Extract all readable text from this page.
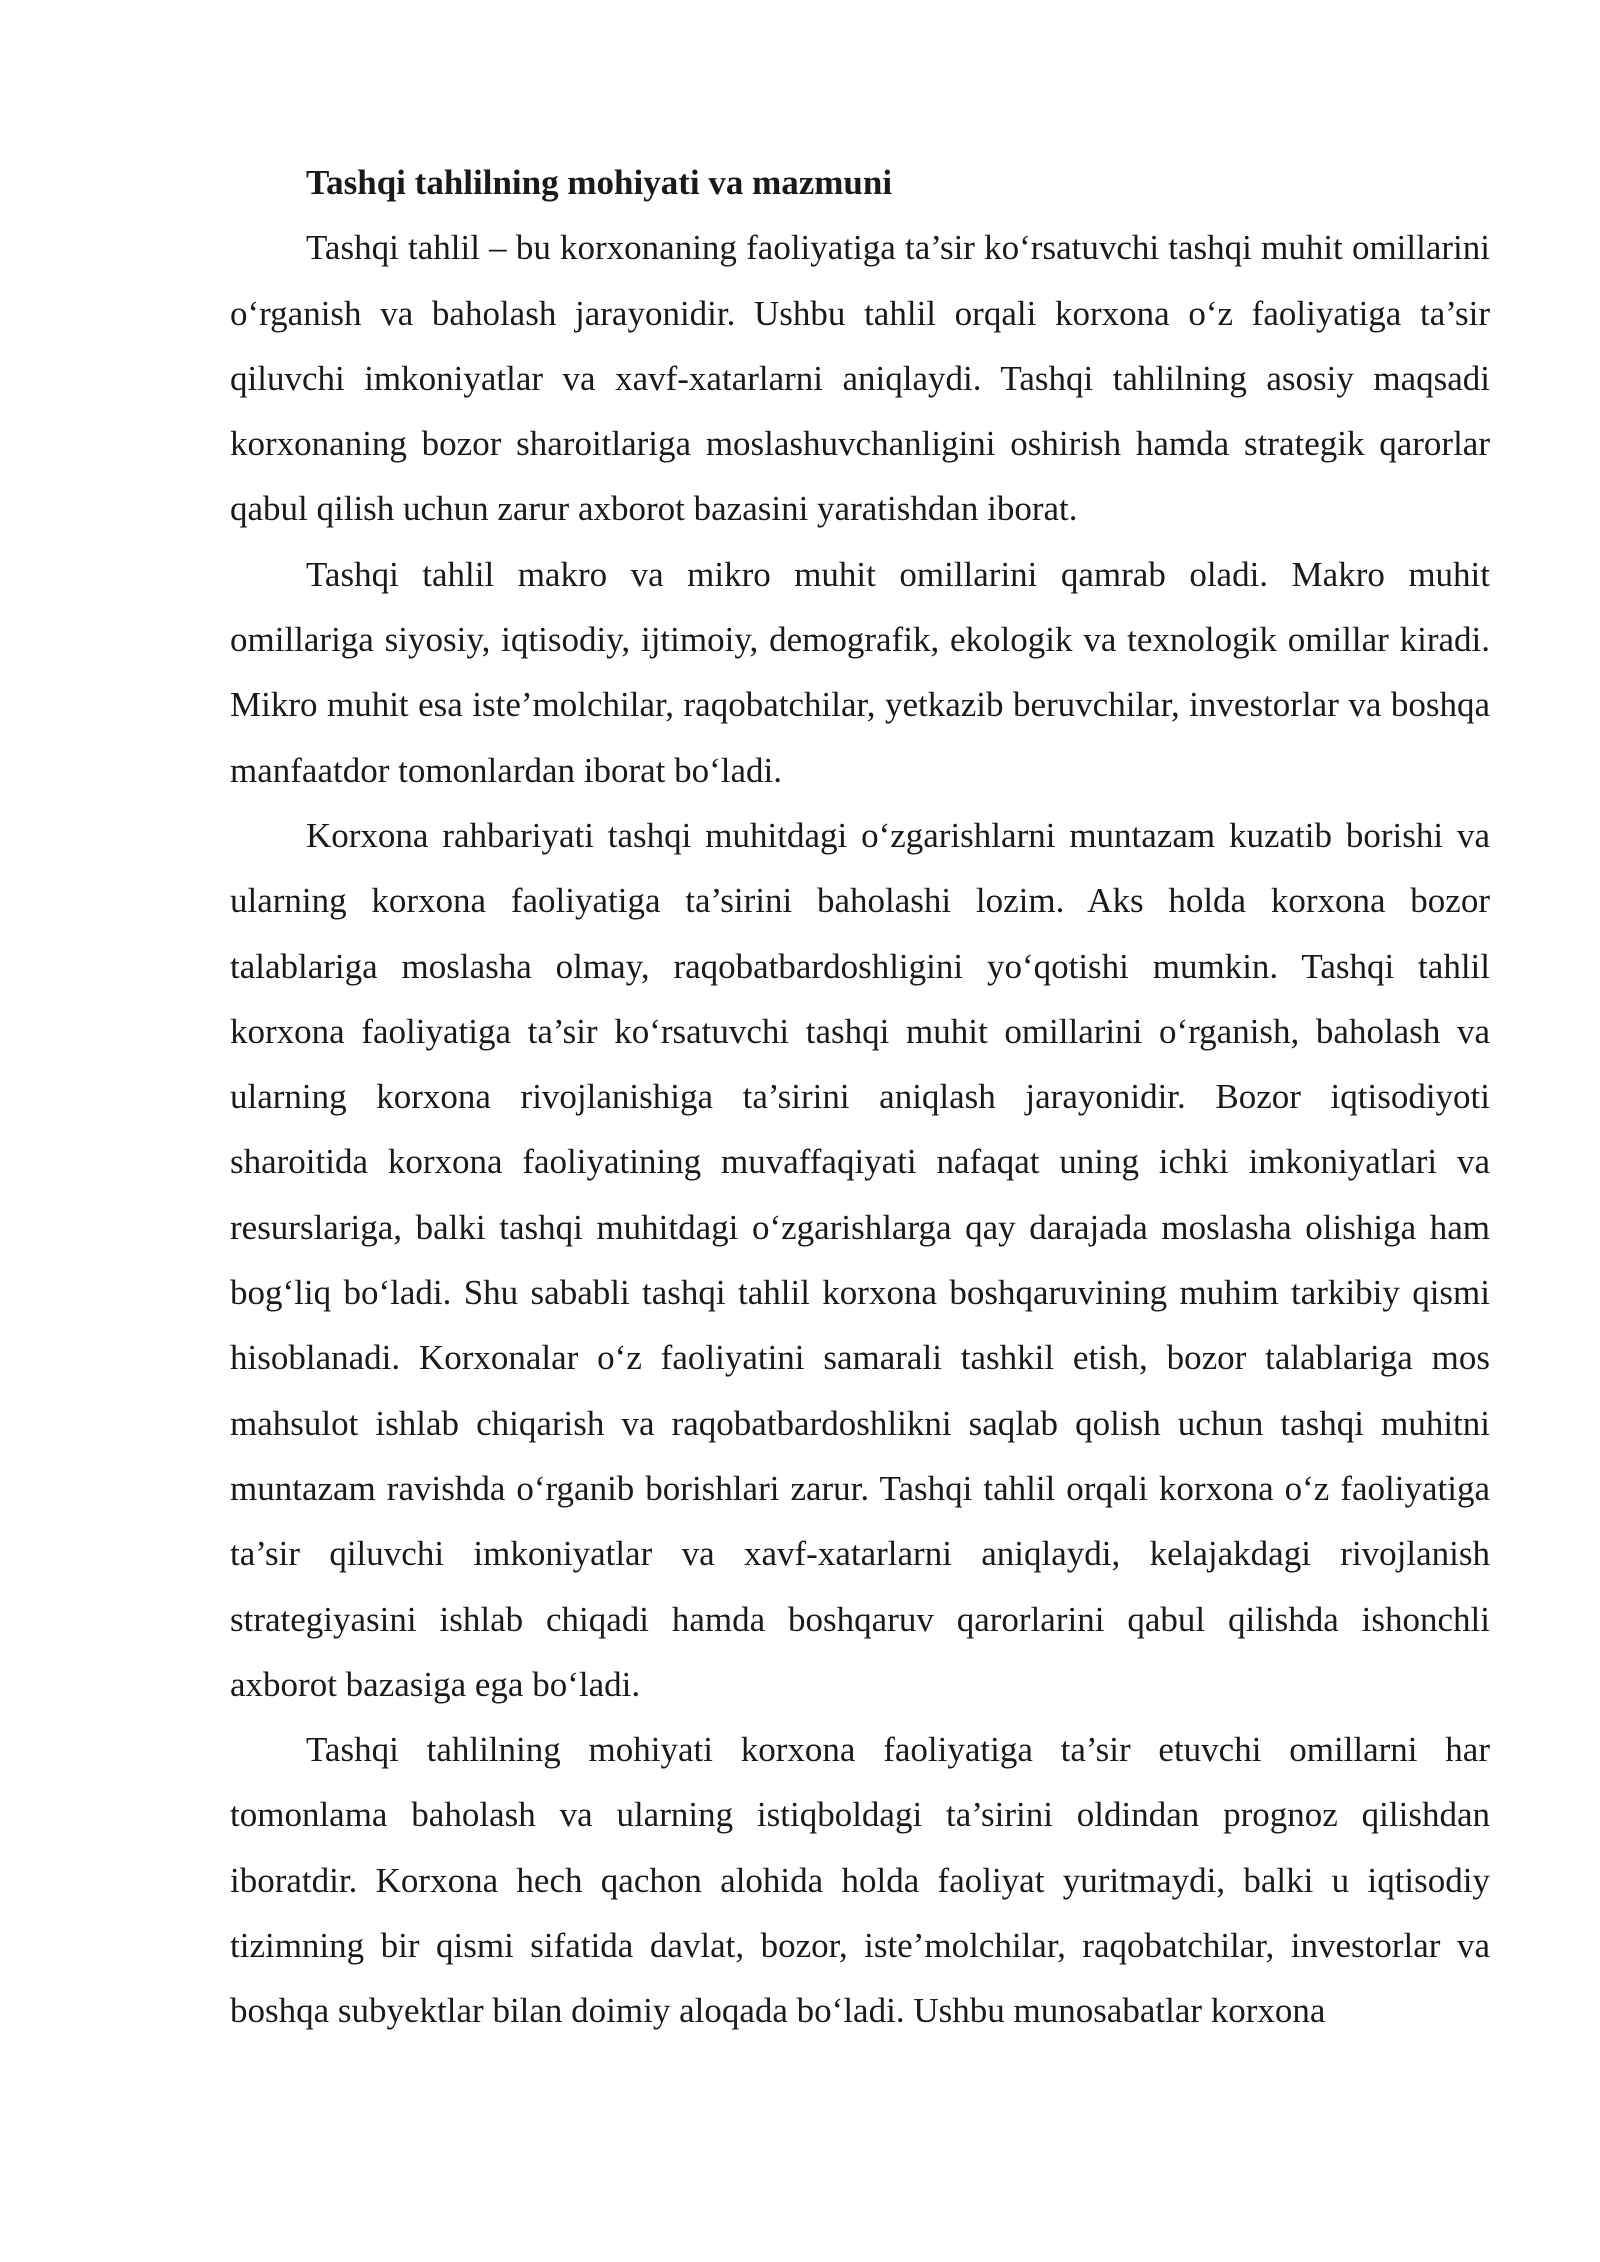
Tashqi tahlilning mohiyati va mazmuni

Tashqi tahlil – bu korxonaning faoliyatiga ta’sir ko‘rsatuvchi tashqi muhit omillarini o‘rganish va baholash jarayonidir. Ushbu tahlil orqali korxona o‘z faoliyatiga ta’sir qiluvchi imkoniyatlar va xavf-xatarlarni aniqlaydi. Tashqi tahlilning asosiy maqsadi korxonaning bozor sharoitlariga moslashuvchanligini oshirish hamda strategik qarorlar qabul qilish uchun zarur axborot bazasini yaratishdan iborat.

Tashqi tahlil makro va mikro muhit omillarini qamrab oladi. Makro muhit omillariga siyosiy, iqtisodiy, ijtimoiy, demografik, ekologik va texnologik omillar kiradi. Mikro muhit esa iste’molchilar, raqobatchilar, yetkazib beruvchilar, investorlar va boshqa manfaatdor tomonlardan iborat bo‘ladi.

Korxona rahbariyati tashqi muhitdagi o‘zgarishlarni muntazam kuzatib borishi va ularning korxona faoliyatiga ta’sirini baholashi lozim. Aks holda korxona bozor talablariga moslasha olmay, raqobatbardoshligini yo‘qotishi mumkin. Tashqi tahlil korxona faoliyatiga ta’sir ko‘rsatuvchi tashqi muhit omillarini o‘rganish, baholash va ularning korxona rivojlanishiga ta’sirini aniqlash jarayonidir. Bozor iqtisodiyoti sharoitida korxona faoliyatining muvaffaqiyati nafaqat uning ichki imkoniyatlari va resurslariga, balki tashqi muhitdagi o‘zgarishlarga qay darajada moslasha olishiga ham bog‘liq bo‘ladi. Shu sababli tashqi tahlil korxona boshqaruvining muhim tarkibiy qismi hisoblanadi. Korxonalar o‘z faoliyatini samarali tashkil etish, bozor talablariga mos mahsulot ishlab chiqarish va raqobatbardoshlikni saqlab qolish uchun tashqi muhitni muntazam ravishda o‘rganib borishlari zarur. Tashqi tahlil orqali korxona o‘z faoliyatiga ta’sir qiluvchi imkoniyatlar va xavf-xatarlarni aniqlaydi, kelajakdagi rivojlanish strategiyasini ishlab chiqadi hamda boshqaruv qarorlarini qabul qilishda ishonchli axborot bazasiga ega bo‘ladi.

Tashqi tahlilning mohiyati korxona faoliyatiga ta’sir etuvchi omillarni har tomonlama baholash va ularning istiqboldagi ta’sirini oldindan prognoz qilishdan iboratdir. Korxona hech qachon alohida holda faoliyat yuritmaydi, balki u iqtisodiy tizimning bir qismi sifatida davlat, bozor, iste’molchilar, raqobatchilar, investorlar va boshqa subyektlar bilan doimiy aloqada bo‘ladi. Ushbu munosabatlar korxona
